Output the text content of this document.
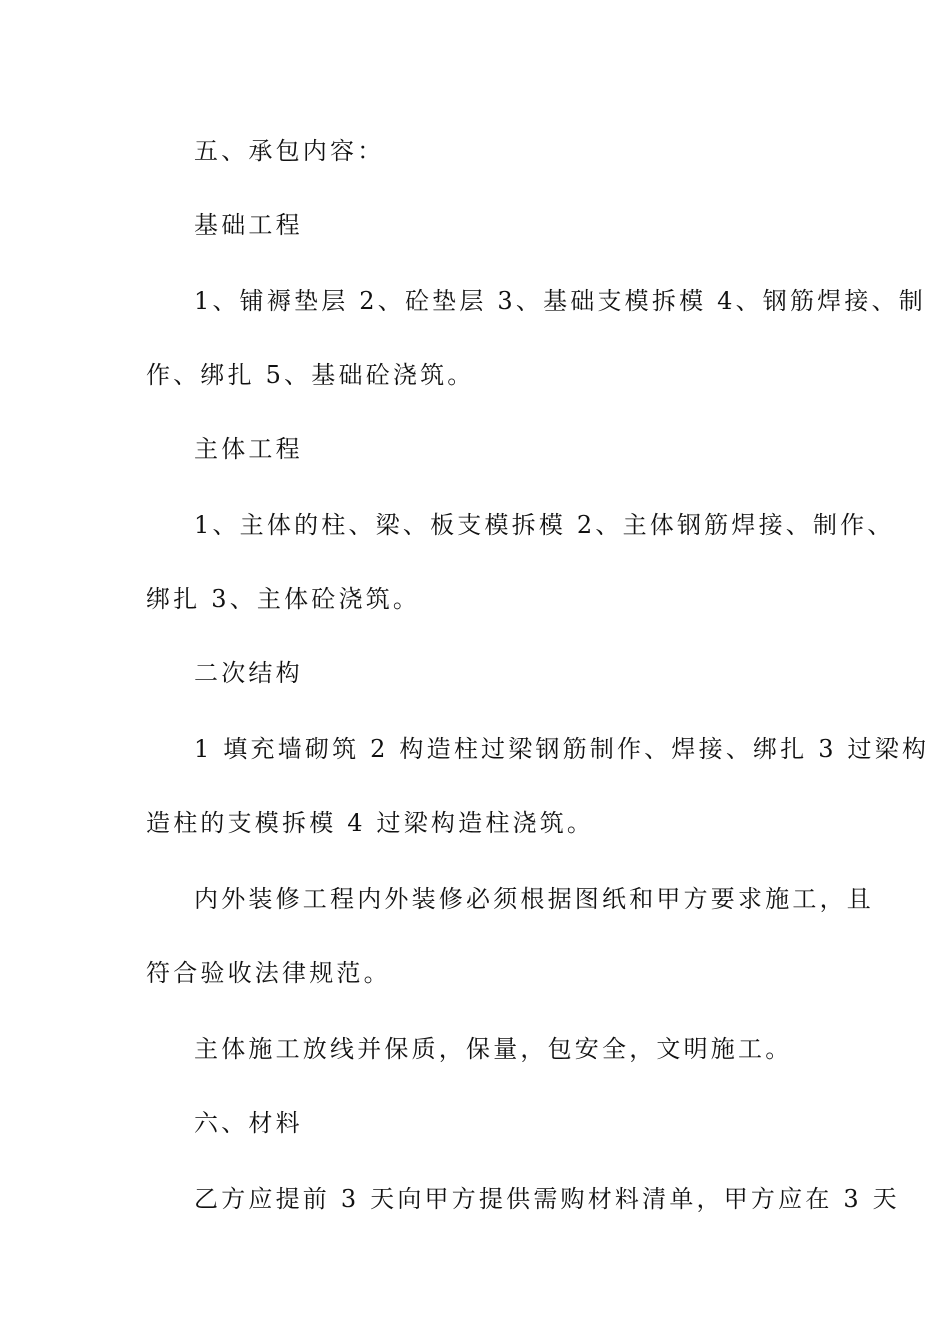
五、承包内容：

基础工程

1、铺褥垫层 2、砼垫层 3、基础支模拆模 4、钢筋焊接、制

作、绑扎 5、基础砼浇筑。

主体工程

1、主体的柱、梁、板支模拆模 2、主体钢筋焊接、制作、

绑扎 3、主体砼浇筑。

二次结构

1 填充墙砌筑 2 构造柱过梁钢筋制作、焊接、绑扎 3 过梁构

造柱的支模拆模 4 过梁构造柱浇筑。

内外装修工程内外装修必须根据图纸和甲方要求施工，且

符合验收法律规范。

主体施工放线并保质，保量，包安全，文明施工。

六、材料

乙方应提前 3 天向甲方提供需购材料清单，甲方应在 3 天
